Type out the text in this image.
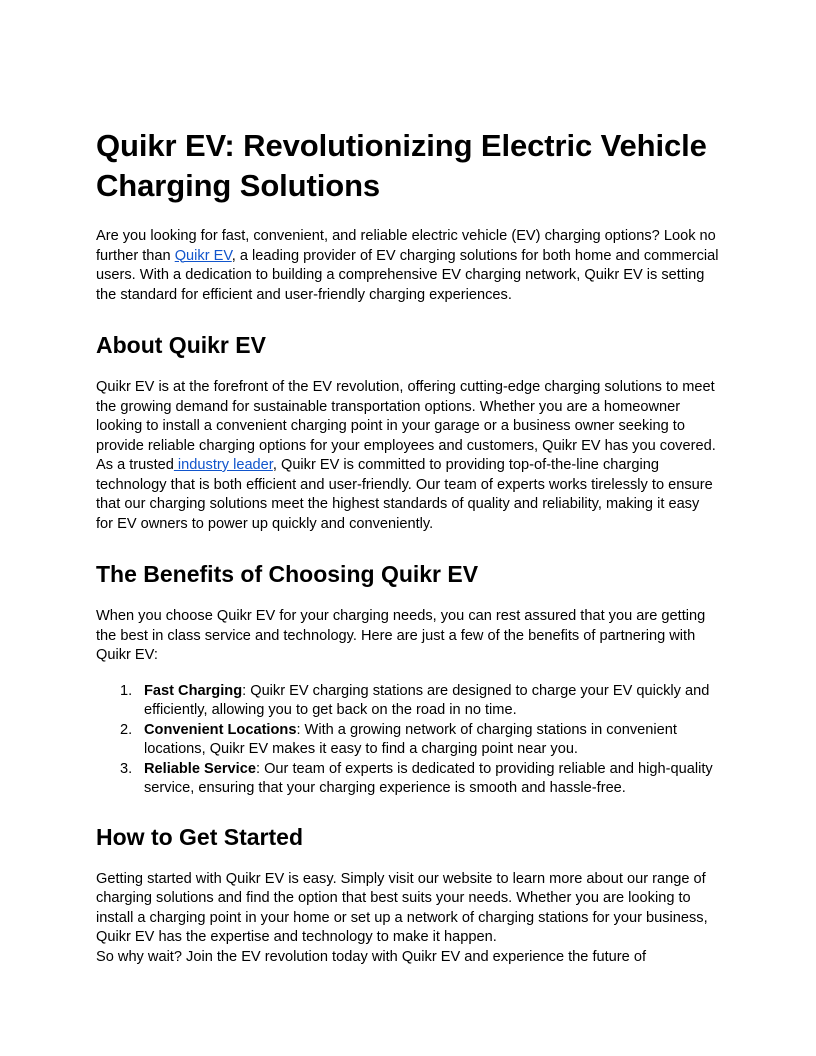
Quikr EV: Revolutionizing Electric Vehicle Charging Solutions

Are you looking for fast, convenient, and reliable electric vehicle (EV) charging options? Look no further than Quikr EV, a leading provider of EV charging solutions for both home and commercial users. With a dedication to building a comprehensive EV charging network, Quikr EV is setting the standard for efficient and user-friendly charging experiences.

About Quikr EV

Quikr EV is at the forefront of the EV revolution, offering cutting-edge charging solutions to meet the growing demand for sustainable transportation options. Whether you are a homeowner looking to install a convenient charging point in your garage or a business owner seeking to provide reliable charging options for your employees and customers, Quikr EV has you covered.
As a trusted industry leader, Quikr EV is committed to providing top-of-the-line charging technology that is both efficient and user-friendly. Our team of experts works tirelessly to ensure that our charging solutions meet the highest standards of quality and reliability, making it easy for EV owners to power up quickly and conveniently.

The Benefits of Choosing Quikr EV

When you choose Quikr EV for your charging needs, you can rest assured that you are getting the best in class service and technology. Here are just a few of the benefits of partnering with Quikr EV:

1. Fast Charging: Quikr EV charging stations are designed to charge your EV quickly and efficiently, allowing you to get back on the road in no time.
2. Convenient Locations: With a growing network of charging stations in convenient locations, Quikr EV makes it easy to find a charging point near you.
3. Reliable Service: Our team of experts is dedicated to providing reliable and high-quality service, ensuring that your charging experience is smooth and hassle-free.
How to Get Started

Getting started with Quikr EV is easy. Simply visit our website to learn more about our range of charging solutions and find the option that best suits your needs. Whether you are looking to install a charging point in your home or set up a network of charging stations for your business, Quikr EV has the expertise and technology to make it happen.
So why wait? Join the EV revolution today with Quikr EV and experience the future of
